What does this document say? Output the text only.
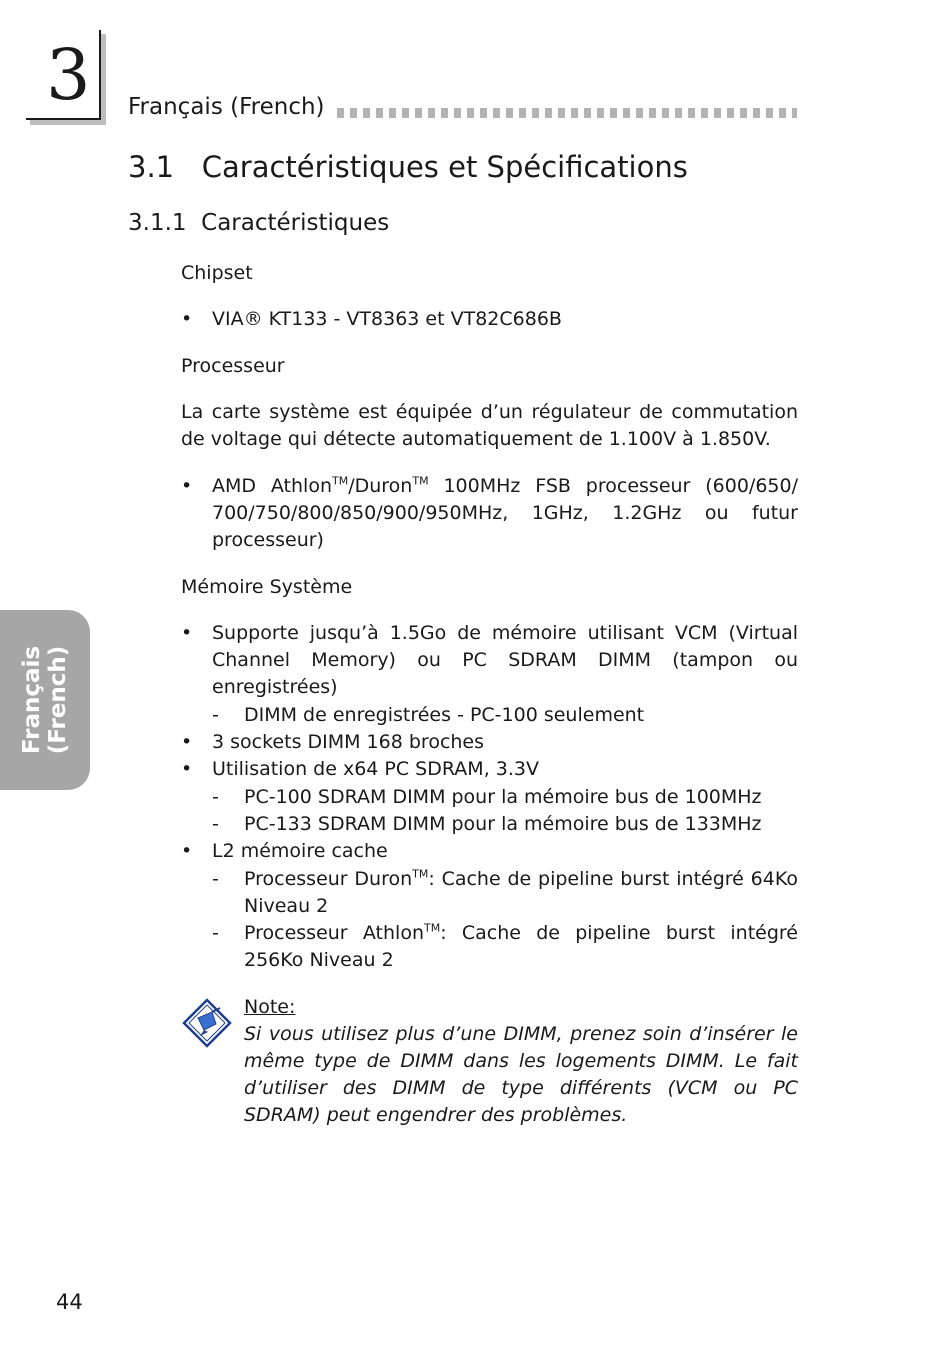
3 Français (French)
3.1   Caractéristiques et Spécifications
3.1.1  Caractéristiques
Chipset
• VIA® KT133 - VT8363 et VT82C686B
Processeur
La carte système est équipée d’un régulateur de commutation de voltage qui détecte automatiquement de 1.100V à 1.850V.
• AMD Athlon™/Duron™ 100MHz FSB processeur (600/650/ 700/750/800/850/900/950MHz, 1GHz, 1.2GHz ou futur processeur)
Mémoire Système
• Supporte jusqu’à 1.5Go de mémoire utilisant VCM (Virtual Channel Memory) ou PC SDRAM DIMM (tampon ou enregistrées)
- DIMM de enregistrées - PC-100 seulement
• 3 sockets DIMM 168 broches
• Utilisation de x64 PC SDRAM, 3.3V
- PC-100 SDRAM DIMM pour la mémoire bus de 100MHz
- PC-133 SDRAM DIMM pour la mémoire bus de 133MHz
• L2 mémoire cache
- Processeur Duron™: Cache de pipeline burst intégré 64Ko Niveau 2
- Processeur Athlon™: Cache de pipeline burst intégré 256Ko Niveau 2
Note:
Si vous utilisez plus d’une DIMM, prenez soin d’insérer le même type de DIMM dans les logements DIMM. Le fait d’utiliser des DIMM de type différents (VCM ou PC SDRAM) peut engendrer des problèmes.
Français (French)
44
